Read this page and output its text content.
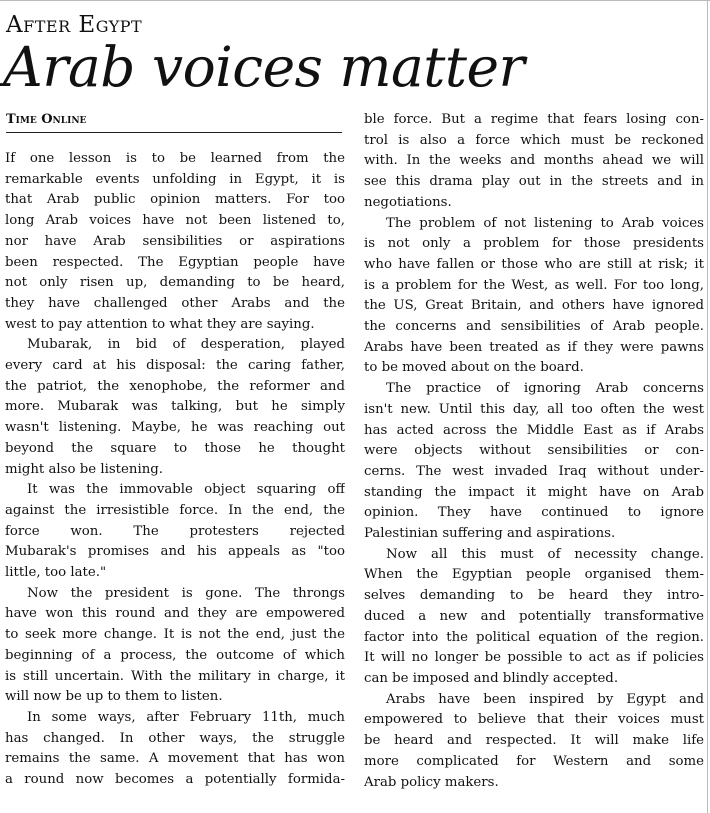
After Egypt
Arab voices matter
Time Online
If one lesson is to be learned from the
remarkable events unfolding in Egypt, it is
that Arab public opinion matters. For too
long Arab voices have not been listened to,
nor have Arab sensibilities or aspirations
been respected. The Egyptian people have
not only risen up, demanding to be heard,
they have challenged other Arabs and the
west to pay attention to what they are saying.
Mubarak, in bid of desperation, played
every card at his disposal: the caring father,
the patriot, the xenophobe, the reformer and
more. Mubarak was talking, but he simply
wasn't listening. Maybe, he was reaching out
beyond the square to those he thought
might also be listening.
It was the immovable object squaring off
against the irresistible force. In the end, the
force won. The protesters rejected
Mubarak's promises and his appeals as "too
little, too late."
Now the president is gone. The throngs
have won this round and they are empowered
to seek more change. It is not the end, just the
beginning of a process, the outcome of which
is still uncertain. With the military in charge, it
will now be up to them to listen.
In some ways, after February 11th, much
has changed. In other ways, the struggle
remains the same. A movement that has won
a round now becomes a potentially formida-
ble force. But a regime that fears losing con-
trol is also a force which must be reckoned
with. In the weeks and months ahead we will
see this drama play out in the streets and in
negotiations.
The problem of not listening to Arab voices
is not only a problem for those presidents
who have fallen or those who are still at risk; it
is a problem for the West, as well. For too long,
the US, Great Britain, and others have ignored
the concerns and sensibilities of Arab people.
Arabs have been treated as if they were pawns
to be moved about on the board.
The practice of ignoring Arab concerns
isn't new. Until this day, all too often the west
has acted across the Middle East as if Arabs
were objects without sensibilities or con-
cerns. The west invaded Iraq without under-
standing the impact it might have on Arab
opinion. They have continued to ignore
Palestinian suffering and aspirations.
Now all this must of necessity change.
When the Egyptian people organised them-
selves demanding to be heard they intro-
duced a new and potentially transformative
factor into the political equation of the region.
It will no longer be possible to act as if policies
can be imposed and blindly accepted.
Arabs have been inspired by Egypt and
empowered to believe that their voices must
be heard and respected. It will make life
more complicated for Western and some
Arab policy makers.
